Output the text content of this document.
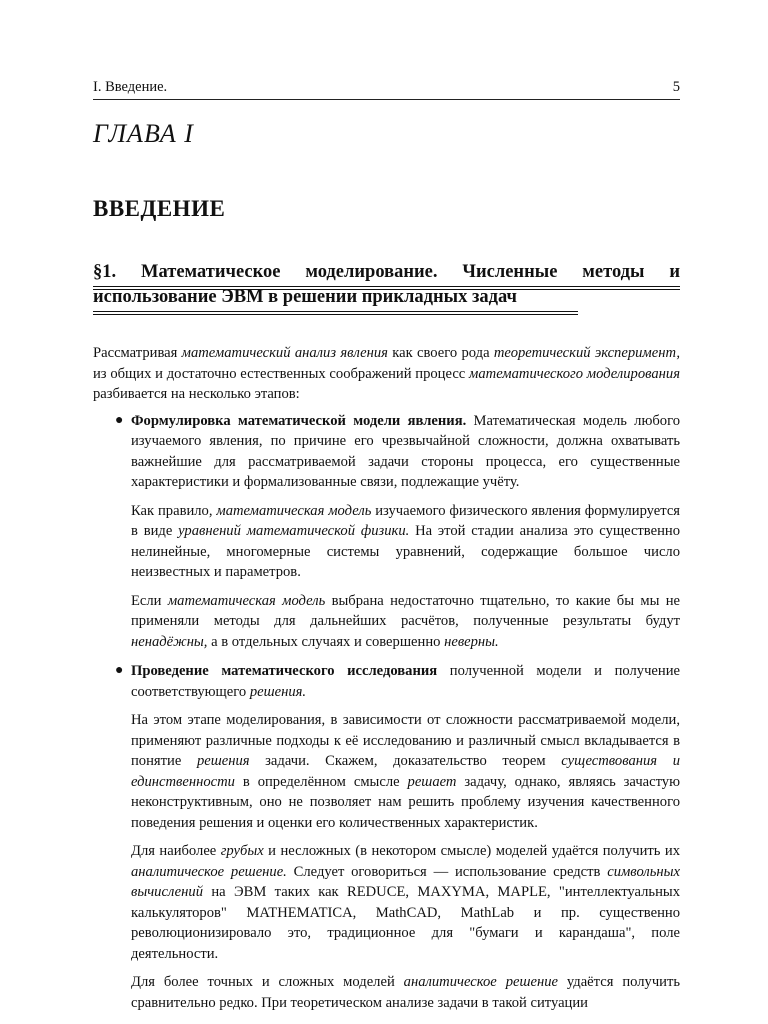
I. Введение.	5
ГЛАВА I
ВВЕДЕНИЕ
§1. Математическое моделирование. Численные методы и
использование ЭВМ в решении прикладных задач

Рассматривая математический анализ явления как своего рода теоретический эксперимент, из общих и достаточно естественных соображений процесс математического моделирования разбивается на несколько этапов:

● Формулировка математической модели явления. Математическая модель любого изучаемого явления, по причине его чрезвычайной сложности, должна охватывать важнейшие для рассматриваемой задачи стороны процесса, его существенные характеристики и формализованные связи, подлежащие учёту.

Как правило, математическая модель изучаемого физического явления формулируется в виде уравнений математической физики. На этой стадии анализа это существенно нелинейные, многомерные системы уравнений, содержащие большое число неизвестных и параметров.

Если математическая модель выбрана недостаточно тщательно, то какие бы мы не применяли методы для дальнейших расчётов, полученные результаты будут ненадёжны, а в отдельных случаях и совершенно неверны.

● Проведение математического исследования полученной модели и получение соответствующего решения.

На этом этапе моделирования, в зависимости от сложности рассматриваемой модели, применяют различные подходы к её исследованию и различный смысл вкладывается в понятие решения задачи. Скажем, доказательство теорем существования и единственности в определённом смысле решает задачу, однако, являясь зачастую неконструктивным, оно не позволяет нам решить проблему изучения качественного поведения решения и оценки его количественных характеристик.

Для наиболее грубых и несложных (в некотором смысле) моделей удаётся получить их аналитическое решение. Следует оговориться — использование средств символьных вычислений на ЭВМ таких как REDUCE, MAXYMA, MAPLE, "интеллектуальных калькуляторов" MATHEMATICA, MathCAD, MathLab и пр. существенно революционизировало это, традиционное для "бумаги и карандаша", поле деятельности.

Для более точных и сложных моделей аналитическое решение удаётся получить сравнительно редко. При теоретическом анализе задачи в такой ситуации
